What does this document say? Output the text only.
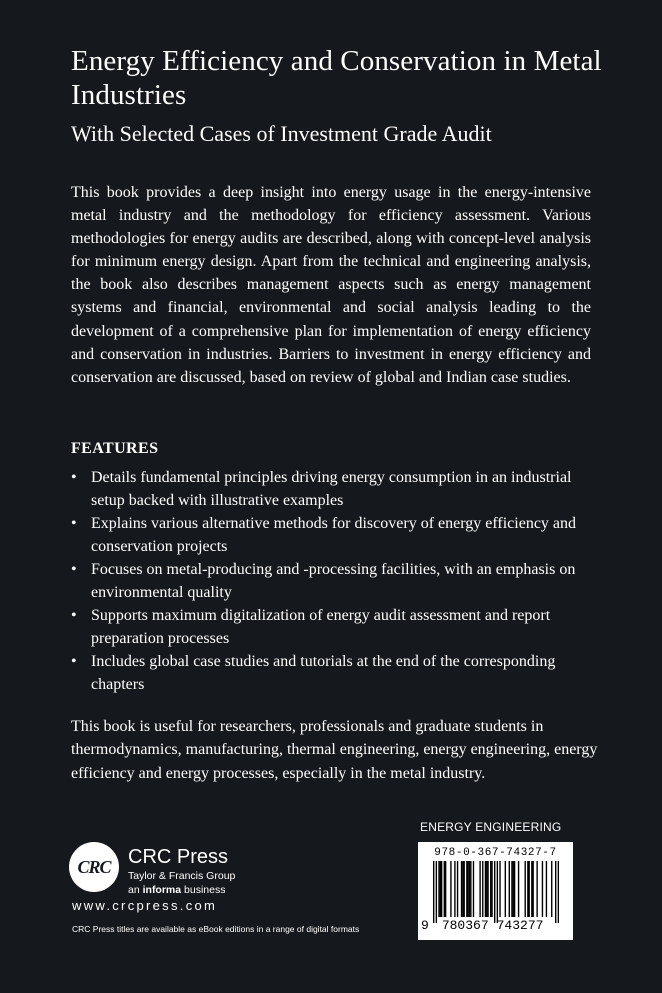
Energy Efficiency and Conservation in Metal Industries
With Selected Cases of Investment Grade Audit

This book provides a deep insight into energy usage in the energy-intensive metal industry and the methodology for efficiency assessment. Various methodologies for energy audits are described, along with concept-level analysis for minimum energy design. Apart from the technical and engineering analysis, the book also describes management aspects such as energy management systems and financial, environmental and social analysis leading to the development of a comprehensive plan for implementation of energy efficiency and conservation in industries. Barriers to investment in energy efficiency and conservation are discussed, based on review of global and Indian case studies.

FEATURES
• Details fundamental principles driving energy consumption in an industrial setup backed with illustrative examples
• Explains various alternative methods for discovery of energy efficiency and conservation projects
• Focuses on metal-producing and -processing facilities, with an emphasis on environmental quality
• Supports maximum digitalization of energy audit assessment and report preparation processes
• Includes global case studies and tutorials at the end of the corresponding chapters

This book is useful for researchers, professionals and graduate students in thermodynamics, manufacturing, thermal engineering, energy engineering, energy efficiency and energy processes, especially in the metal industry.

ENERGY ENGINEERING
CRC CRC Press
Taylor & Francis Group
an informa business
www.crcpress.com
CRC Press titles are available as eBook editions in a range of digital formats
978-0-367-74327-7
9 780367 743277
